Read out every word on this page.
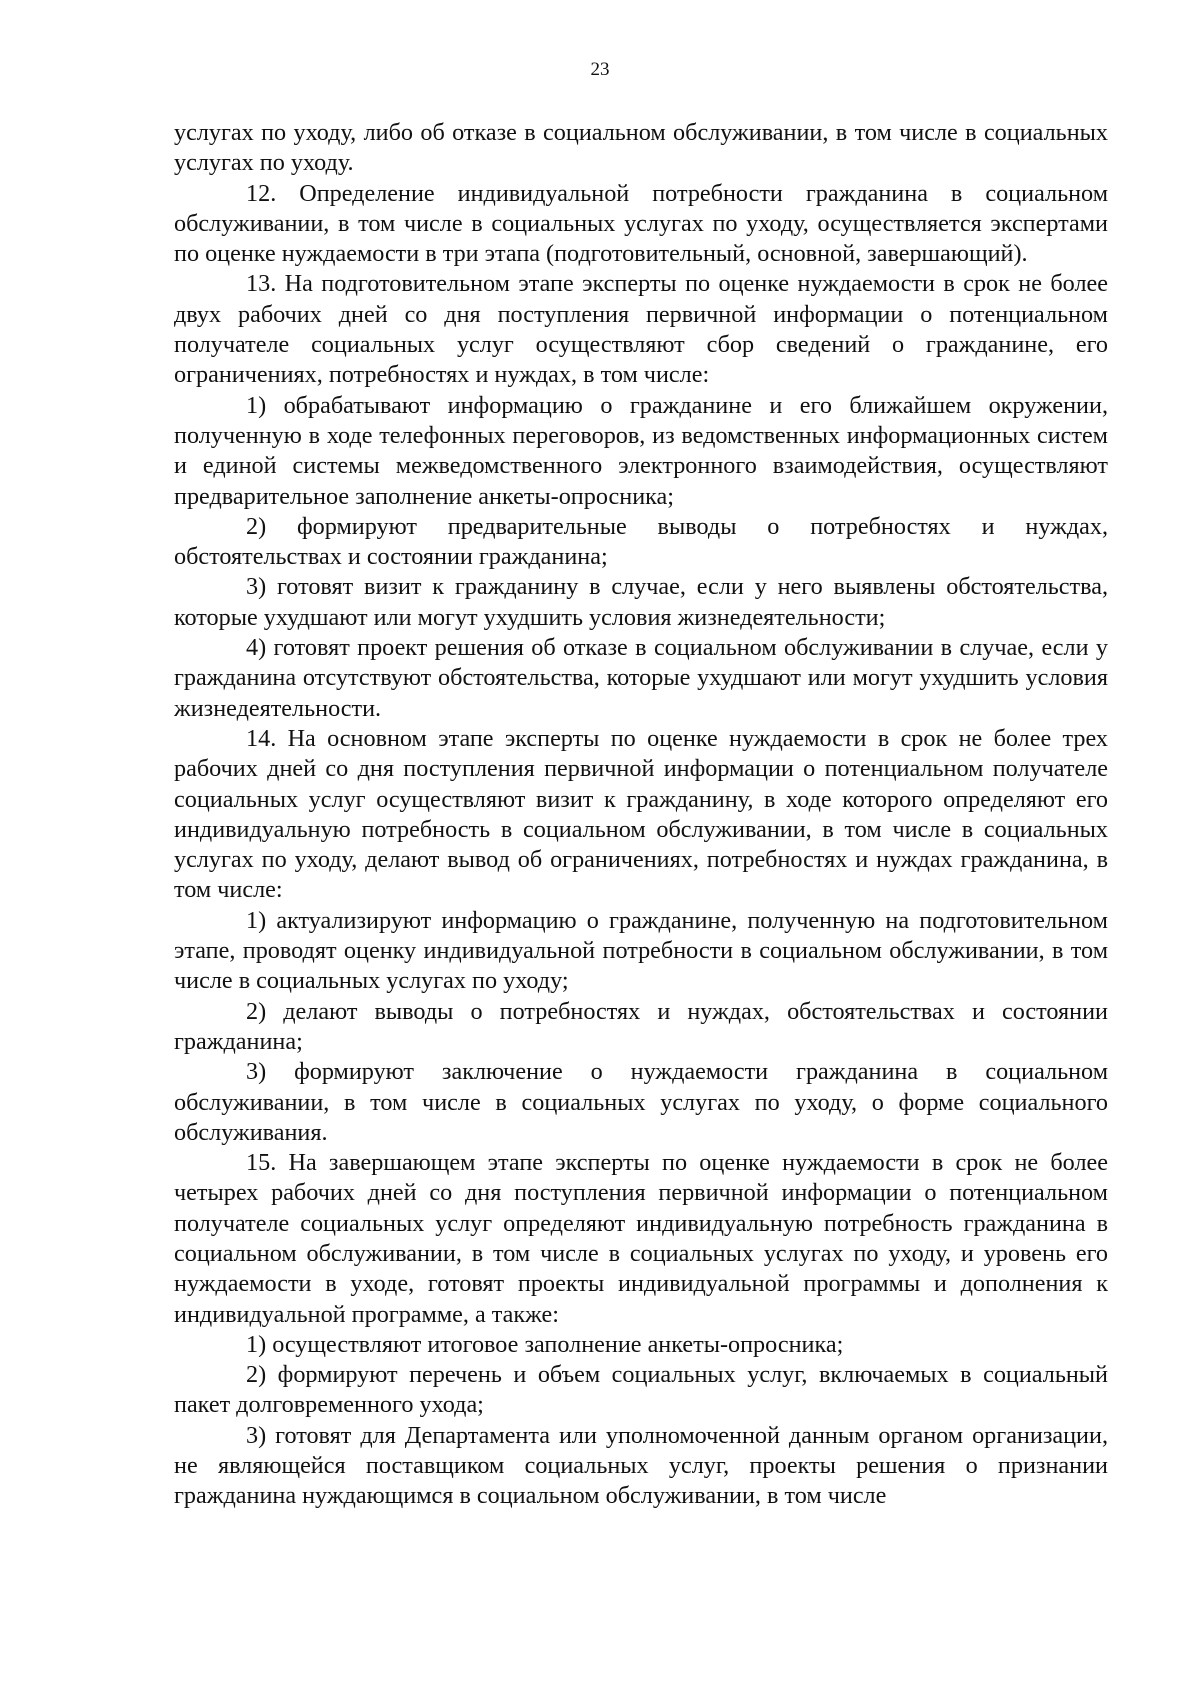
23

услугах по уходу, либо об отказе в социальном обслуживании, в том числе в социальных услугах по уходу.

12. Определение индивидуальной потребности гражданина в социальном обслуживании, в том числе в социальных услугах по уходу, осуществляется экспертами по оценке нуждаемости в три этапа (подготовительный, основной, завершающий).

13. На подготовительном этапе эксперты по оценке нуждаемости в срок не более двух рабочих дней со дня поступления первичной информации о потенциальном получателе социальных услуг осуществляют сбор сведений о гражданине, его ограничениях, потребностях и нуждах, в том числе:

1) обрабатывают информацию о гражданине и его ближайшем окружении, полученную в ходе телефонных переговоров, из ведомственных информационных систем и единой системы межведомственного электронного взаимодействия, осуществляют предварительное заполнение анкеты-опросника;

2) формируют предварительные выводы о потребностях и нуждах, обстоятельствах и состоянии гражданина;

3) готовят визит к гражданину в случае, если у него выявлены обстоятельства, которые ухудшают или могут ухудшить условия жизнедеятельности;

4) готовят проект решения об отказе в социальном обслуживании в случае, если у гражданина отсутствуют обстоятельства, которые ухудшают или могут ухудшить условия жизнедеятельности.

14. На основном этапе эксперты по оценке нуждаемости в срок не более трех рабочих дней со дня поступления первичной информации о потенциальном получателе социальных услуг осуществляют визит к гражданину, в ходе которого определяют его индивидуальную потребность в социальном обслуживании, в том числе в социальных услугах по уходу, делают вывод об ограничениях, потребностях и нуждах гражданина, в том числе:

1) актуализируют информацию о гражданине, полученную на подготовительном этапе, проводят оценку индивидуальной потребности в социальном обслуживании, в том числе в социальных услугах по уходу;

2) делают выводы о потребностях и нуждах, обстоятельствах и состоянии гражданина;

3) формируют заключение о нуждаемости гражданина в социальном обслуживании, в том числе в социальных услугах по уходу, о форме социального обслуживания.

15. На завершающем этапе эксперты по оценке нуждаемости в срок не более четырех рабочих дней со дня поступления первичной информации о потенциальном получателе социальных услуг определяют индивидуальную потребность гражданина в социальном обслуживании, в том числе в социальных услугах по уходу, и уровень его нуждаемости в уходе, готовят проекты индивидуальной программы и дополнения к индивидуальной программе, а также:

1) осуществляют итоговое заполнение анкеты-опросника;

2) формируют перечень и объем социальных услуг, включаемых в социальный пакет долговременного ухода;

3) готовят для Департамента или уполномоченной данным органом организации, не являющейся поставщиком социальных услуг, проекты решения о признании гражданина нуждающимся в социальном обслуживании, в том числе
